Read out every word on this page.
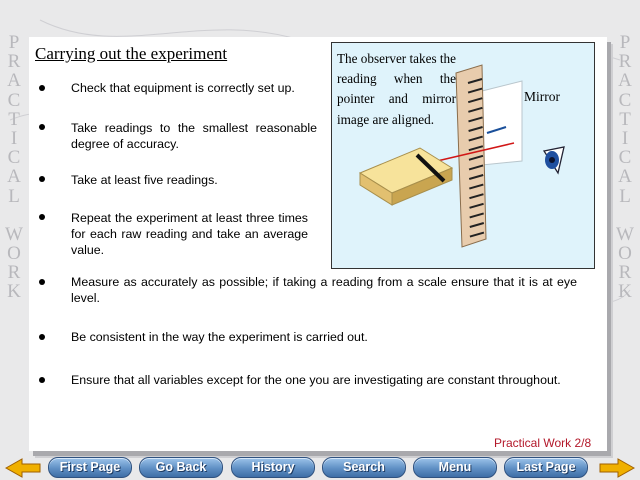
P
R
A
C
T
I
C
A
L
W
O
R
K
P
R
A
C
T
I
C
A
L
W
O
R
K
Carrying out the experiment
Check that equipment is correctly set up.
Take readings to the smallest reasonable degree of accuracy.
Take at least five readings.
Repeat the experiment at least three times for each raw reading and take an average value.
Measure as accurately as possible; if taking a reading from a scale ensure that it is at eye level.
Be consistent in the way the experiment is carried out.
Ensure that all variables except for the one you are investigating are constant throughout.
The observer takes the reading when the pointer and mirror image are aligned.
Mirror
Practical Work 2/8
First Page	Go Back	History	Search	Menu	Last Page
